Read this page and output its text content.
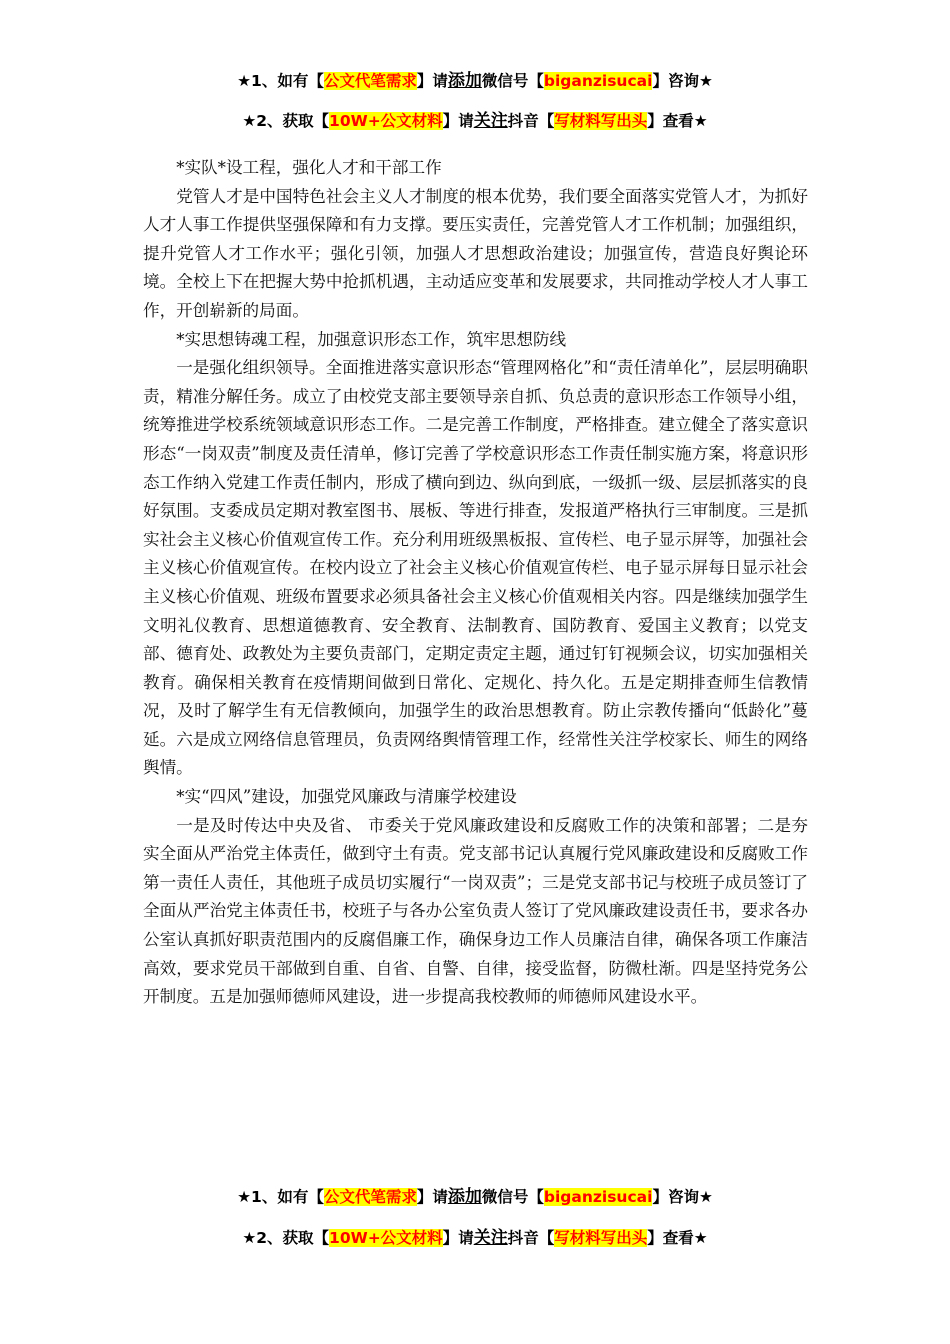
★1、如有【公文代笔需求】请添加微信号【biganzisucai】咨询★
★2、获取【10W+公文材料】请关注抖音【写材料写出头】查看★

*实队*设工程，强化人才和干部工作

党管人才是中国特色社会主义人才制度的根本优势，我们要全面落实党管人才，为抓好人才人事工作提供坚强保障和有力支撑。要压实责任，完善党管人才工作机制；加强组织，提升党管人才工作水平；强化引领，加强人才思想政治建设；加强宣传，营造良好舆论环境。全校上下在把握大势中抢抓机遇，主动适应变革和发展要求，共同推动学校人才人事工作，开创崭新的局面。

*实思想铸魂工程，加强意识形态工作，筑牢思想防线

一是强化组织领导。全面推进落实意识形态“管理网格化”和“责任清单化”，层层明确职责，精准分解任务。成立了由校党支部主要领导亲自抓、负总责的意识形态工作领导小组，统筹推进学校系统领域意识形态工作。二是完善工作制度，严格排查。建立健全了落实意识形态“一岗双责”制度及责任清单，修订完善了学校意识形态工作责任制实施方案，将意识形态工作纳入党建工作责任制内，形成了横向到边、纵向到底，一级抓一级、层层抓落实的良好氛围。支委成员定期对教室图书、展板、等进行排查，发报道严格执行三审制度。三是抓实社会主义核心价值观宣传工作。充分利用班级黑板报、宣传栏、电子显示屏等，加强社会主义核心价值观宣传。在校内设立了社会主义核心价值观宣传栏、电子显示屏每日显示社会主义核心价值观、班级布置要求必须具备社会主义核心价值观相关内容。四是继续加强学生文明礼仪教育、思想道德教育、安全教育、法制教育、国防教育、爱国主义教育；以党支部、德育处、政教处为主要负责部门，定期定责定主题，通过钉钉视频会议，切实加强相关教育。确保相关教育在疫情期间做到日常化、定规化、持久化。五是定期排查师生信教情况，及时了解学生有无信教倾向，加强学生的政治思想教育。防止宗教传播向“低龄化”蔓延。六是成立网络信息管理员，负责网络舆情管理工作，经常性关注学校家长、师生的网络舆情。

*实“四风”建设，加强党风廉政与清廉学校建设

一是及时传达中央及省、 市委关于党风廉政建设和反腐败工作的决策和部署；二是夯实全面从严治党主体责任，做到守土有责。党支部书记认真履行党风廉政建设和反腐败工作第一责任人责任，其他班子成员切实履行“一岗双责”；三是党支部书记与校班子成员签订了全面从严治党主体责任书，校班子与各办公室负责人签订了党风廉政建设责任书，要求各办公室认真抓好职责范围内的反腐倡廉工作，确保身边工作人员廉洁自律，确保各项工作廉洁高效，要求党员干部做到自重、自省、自警、自律，接受监督，防微杜渐。四是坚持党务公开制度。五是加强师德师风建设，进一步提高我校教师的师德师风建设水平。

★1、如有【公文代笔需求】请添加微信号【biganzisucai】咨询★
★2、获取【10W+公文材料】请关注抖音【写材料写出头】查看★
